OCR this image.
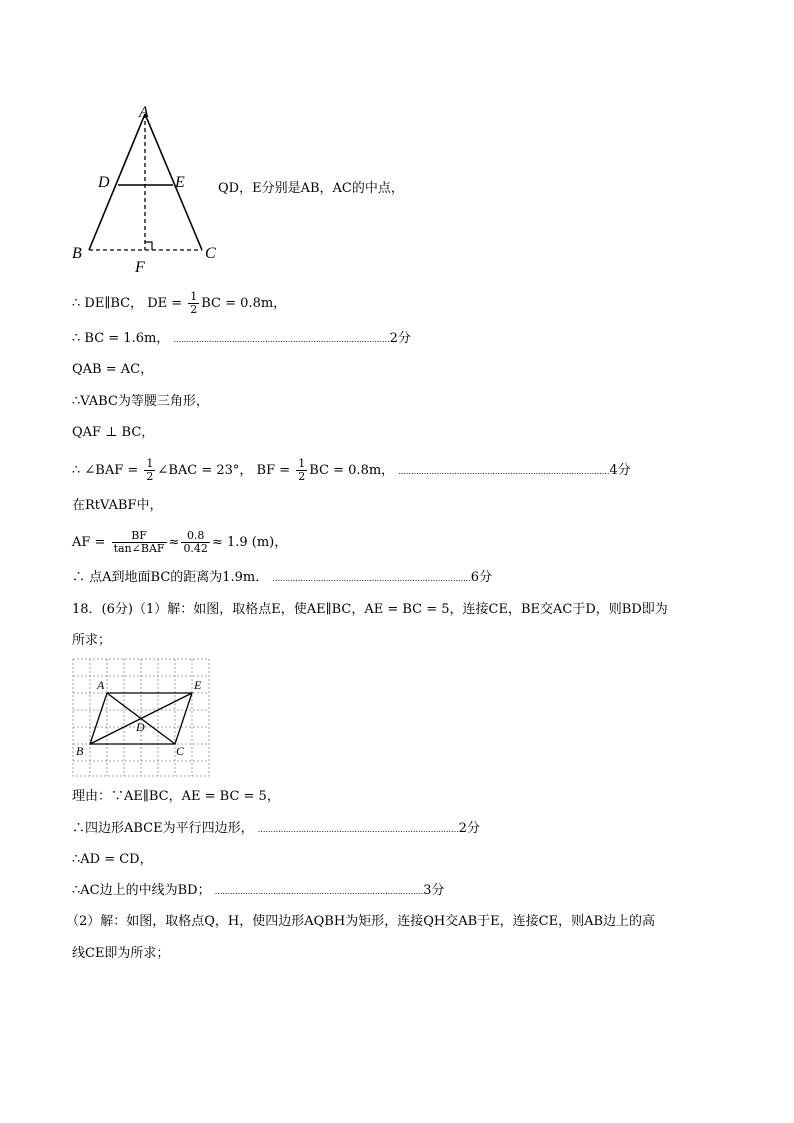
A
D	E
B
F
C
QD，E分别是AB，AC的中点，
∴ DE∥BC， DE = $\frac{1}{2}$ BC = 0.8m，
∴ BC = 1.6m， .....................................................................................2分
QAB = AC，
∴VABC为等腰三角形，
QAF ⊥ BC，
∴ ∠BAF = $\frac{1}{2}$ ∠BAC = 23°， BF = $\frac{1}{2}$ BC = 0.8m， ...................................................................................4分
在RtVABF中，
AF = $\frac{BF}{\text{tan∠BAF}} \approx \frac{0.8}{0.42} \approx 1.9$ (m)，
∴ 点A到地面BC的距离为1.9m． ..............................................................................6分
18．(6分)（1）解：如图，取格点E，使AE∥BC，AE = BC = 5，连接CE，BE交AC于D，则BD即为
所求；
A	E
D
B	C
理由：∵AE∥BC，AE = BC = 5，
∴四边形ABCE为平行四边形， ...............................................................................2分
∴AD = CD，
∴AC边上的中线为BD； ..................................................................................3分
（2）解：如图，取格点Q，H，使四边形AQBH为矩形，连接QH交AB于E，连接CE，则AB边上的高
线CE即为所求；
